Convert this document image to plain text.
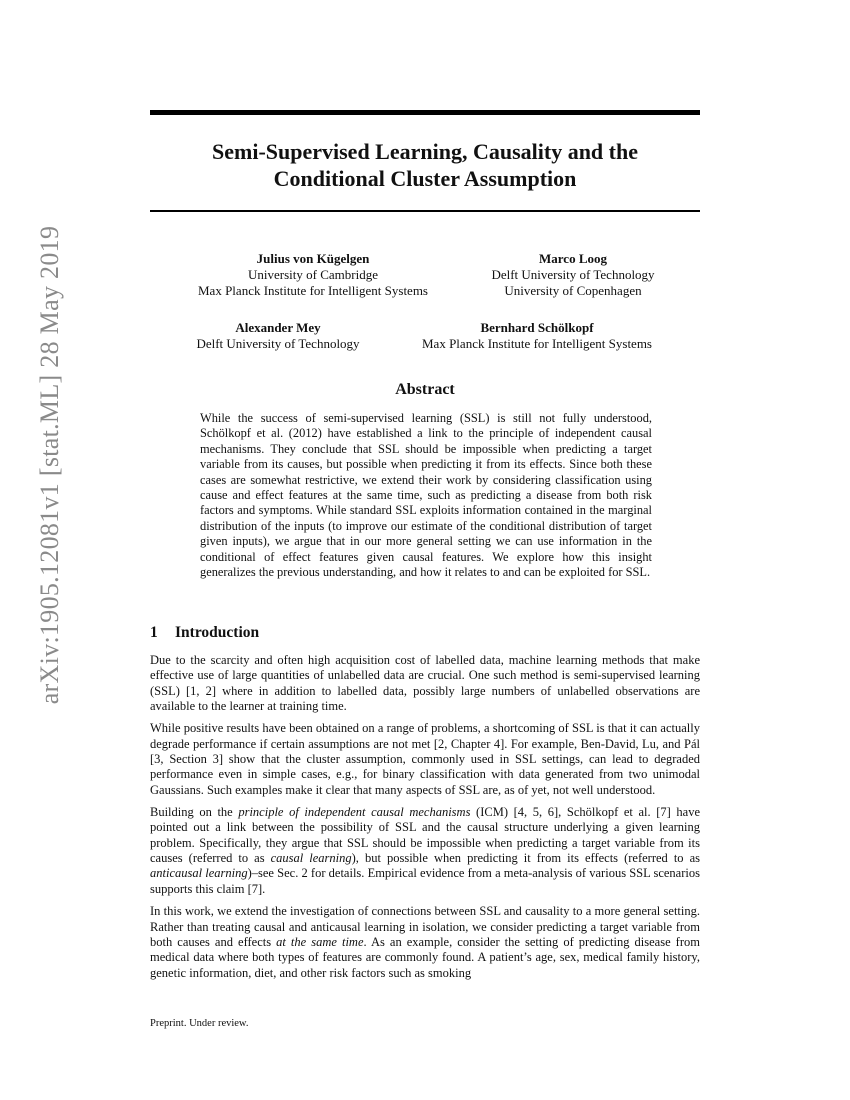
arXiv:1905.12081v1 [stat.ML] 28 May 2019
Semi-Supervised Learning, Causality and the
Conditional Cluster Assumption
Julius von Kügelgen
University of Cambridge
Max Planck Institute for Intelligent Systems
Marco Loog
Delft University of Technology
University of Copenhagen
Alexander Mey
Delft University of Technology
Bernhard Schölkopf
Max Planck Institute for Intelligent Systems
Abstract
While the success of semi-supervised learning (SSL) is still not fully understood, Schölkopf et al. (2012) have established a link to the principle of independent causal mechanisms. They conclude that SSL should be impossible when predicting a target variable from its causes, but possible when predicting it from its effects. Since both these cases are somewhat restrictive, we extend their work by considering classification using cause and effect features at the same time, such as predicting a disease from both risk factors and symptoms. While standard SSL exploits information contained in the marginal distribution of the inputs (to improve our estimate of the conditional distribution of target given inputs), we argue that in our more general setting we can use information in the conditional of effect features given causal features. We explore how this insight generalizes the previous understanding, and how it relates to and can be exploited for SSL.
1 Introduction

Due to the scarcity and often high acquisition cost of labelled data, machine learning methods that make effective use of large quantities of unlabelled data are crucial. One such method is semi-supervised learning (SSL) [1, 2] where in addition to labelled data, possibly large numbers of unlabelled observations are available to the learner at training time.

While positive results have been obtained on a range of problems, a shortcoming of SSL is that it can actually degrade performance if certain assumptions are not met [2, Chapter 4]. For example, Ben-David, Lu, and Pál [3, Section 3] show that the cluster assumption, commonly used in SSL settings, can lead to degraded performance even in simple cases, e.g., for binary classification with data generated from two unimodal Gaussians. Such examples make it clear that many aspects of SSL are, as of yet, not well understood.

Building on the principle of independent causal mechanisms (ICM) [4, 5, 6], Schölkopf et al. [7] have pointed out a link between the possibility of SSL and the causal structure underlying a given learning problem. Specifically, they argue that SSL should be impossible when predicting a target variable from its causes (referred to as causal learning), but possible when predicting it from its effects (referred to as anticausal learning)–see Sec. 2 for details. Empirical evidence from a meta-analysis of various SSL scenarios supports this claim [7].

In this work, we extend the investigation of connections between SSL and causality to a more general setting. Rather than treating causal and anticausal learning in isolation, we consider predicting a target variable from both causes and effects at the same time. As an example, consider the setting of predicting disease from medical data where both types of features are commonly found. A patient’s age, sex, medical family history, genetic information, diet, and other risk factors such as smoking

Preprint. Under review.
